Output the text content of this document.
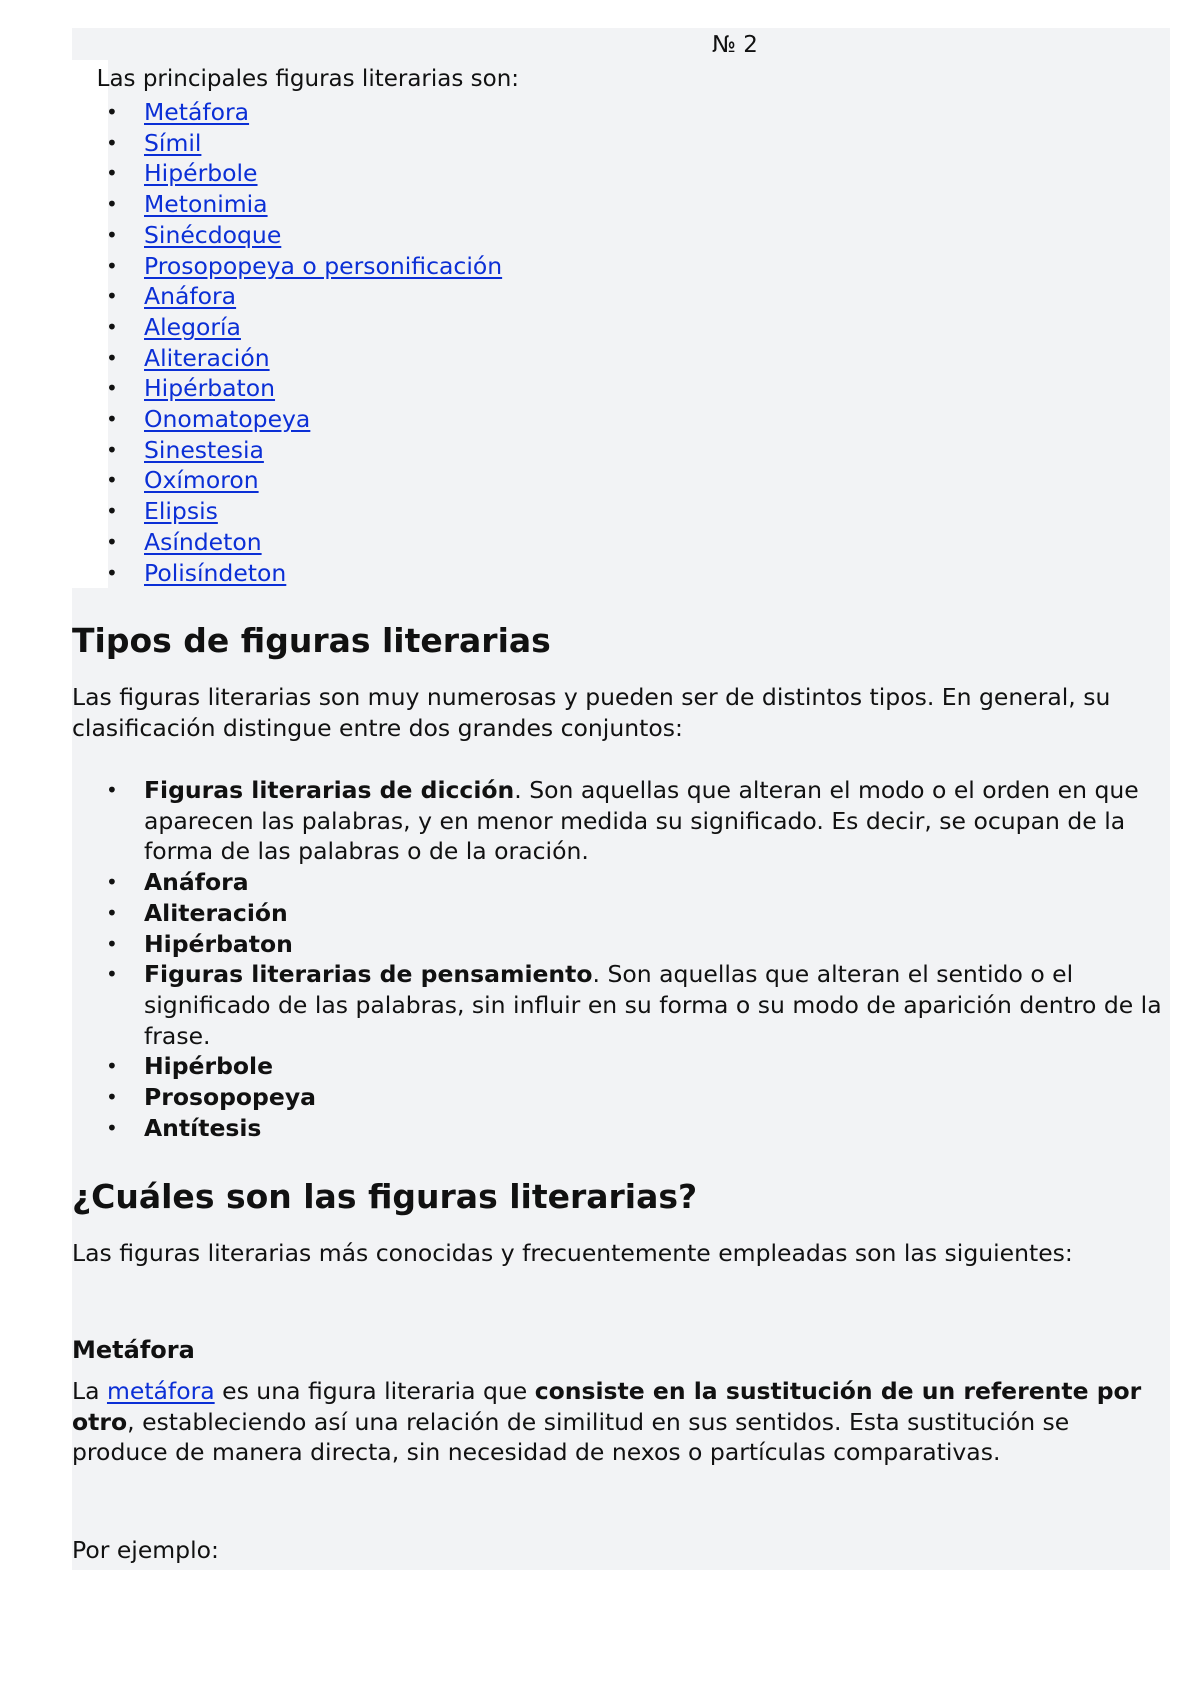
Las principales figuras literarias son:

№ 2

• Metáfora
• Símil
• Hipérbole
• Metonimia
• Sinécdoque
• Prosopopeya o personificación
• Anáfora
• Alegoría
• Aliteración
• Hipérbaton
• Onomatopeya
• Sinestesia
• Oxímoron
• Elipsis
• Asíndeton
• Polisíndeton
Tipos de figuras literarias

Las figuras literarias son muy numerosas y pueden ser de distintos tipos. En general, su clasificación distingue entre dos grandes conjuntos:

• Figuras literarias de dicción. Son aquellas que alteran el modo o el orden en que aparecen las palabras, y en menor medida su significado. Es decir, se ocupan de la forma de las palabras o de la oración.
• Anáfora
• Aliteración
• Hipérbaton
• Figuras literarias de pensamiento. Son aquellas que alteran el sentido o el significado de las palabras, sin influir en su forma o su modo de aparición dentro de la frase.
• Hipérbole
• Prosopopeya
• Antítesis
¿Cuáles son las figuras literarias?

Las figuras literarias más conocidas y frecuentemente empleadas son las siguientes:

Metáfora

La metáfora es una figura literaria que consiste en la sustitución de un referente por otro, estableciendo así una relación de similitud en sus sentidos. Esta sustitución se produce de manera directa, sin necesidad de nexos o partículas comparativas.

Por ejemplo:
